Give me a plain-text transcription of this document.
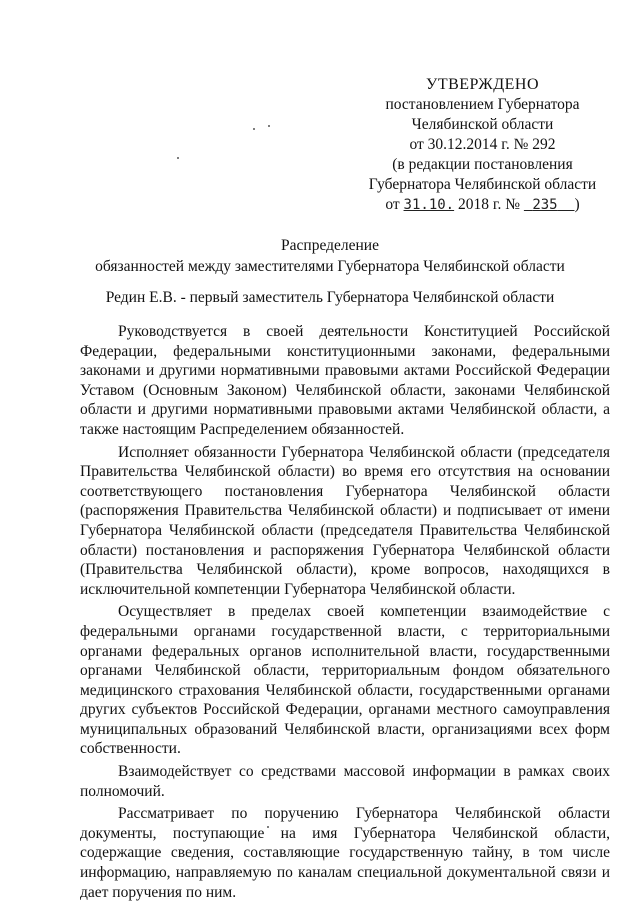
УТВЕРЖДЕНО
постановлением Губернатора
Челябинской области
от 30.12.2014 г. № 292
(в редакции постановления
Губернатора Челябинской области
от 31.10. 2018 г. № 235 )
Распределение
обязанностей между заместителями Губернатора Челябинской области
Редин Е.В. - первый заместитель Губернатора Челябинской области

Руководствуется в своей деятельности Конституцией Российской Федерации, федеральными конституционными законами, федеральными законами и другими нормативными правовыми актами Российской Федерации Уставом (Основным Законом) Челябинской области, законами Челябинской области и другими нормативными правовыми актами Челябинской области, а также настоящим Распределением обязанностей.

Исполняет обязанности Губернатора Челябинской области (председателя Правительства Челябинской области) во время его отсутствия на основании соответствующего постановления Губернатора Челябинской области (распоряжения Правительства Челябинской области) и подписывает от имени Губернатора Челябинской области (председателя Правительства Челябинской области) постановления и распоряжения Губернатора Челябинской области (Правительства Челябинской области), кроме вопросов, находящихся в исключительной компетенции Губернатора Челябинской области.

Осуществляет в пределах своей компетенции взаимодействие с федеральными органами государственной власти, с территориальными органами федеральных органов исполнительной власти, государственными органами Челябинской области, территориальным фондом обязательного медицинского страхования Челябинской области, государственными органами других субъектов Российской Федерации, органами местного самоуправления муниципальных образований Челябинской власти, организациями всех форм собственности.

Взаимодействует со средствами массовой информации в рамках своих полномочий.

Рассматривает по поручению Губернатора Челябинской области документы, поступающие на имя Губернатора Челябинской области, содержащие сведения, составляющие государственную тайну, в том числе информацию, направляемую по каналам специальной документальной связи и дает поручения по ним.
